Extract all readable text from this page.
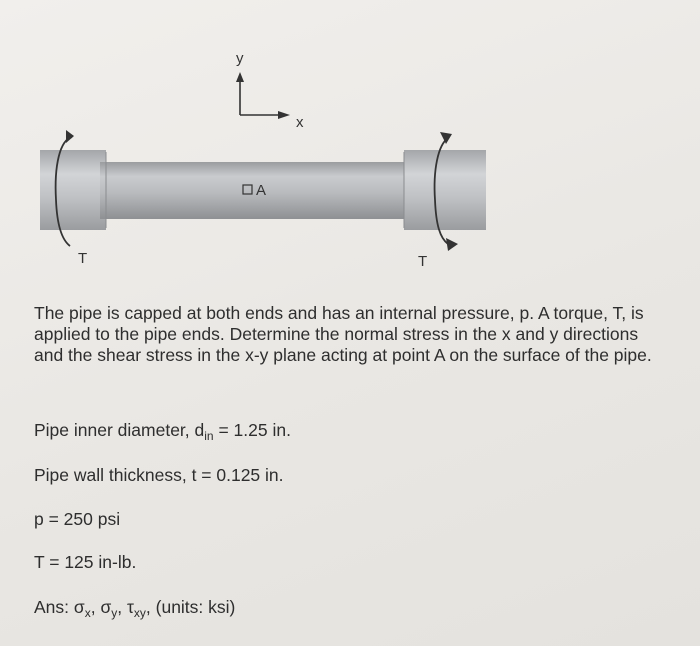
y
x
A
T	T
The pipe is capped at both ends and has an internal pressure, p. A torque, T, is applied to the pipe ends. Determine the normal stress in the x and y directions and the shear stress in the x-y plane acting at point A on the surface of the pipe.
Pipe inner diameter, $d_{in} = 1.25$ in.
Pipe wall thickness, t = 0.125 in.
p = 250 psi
T = 125 in-lb.
Ans: $\sigma_x$, $\sigma_y$, $\tau_{xy}$, (units: ksi)
